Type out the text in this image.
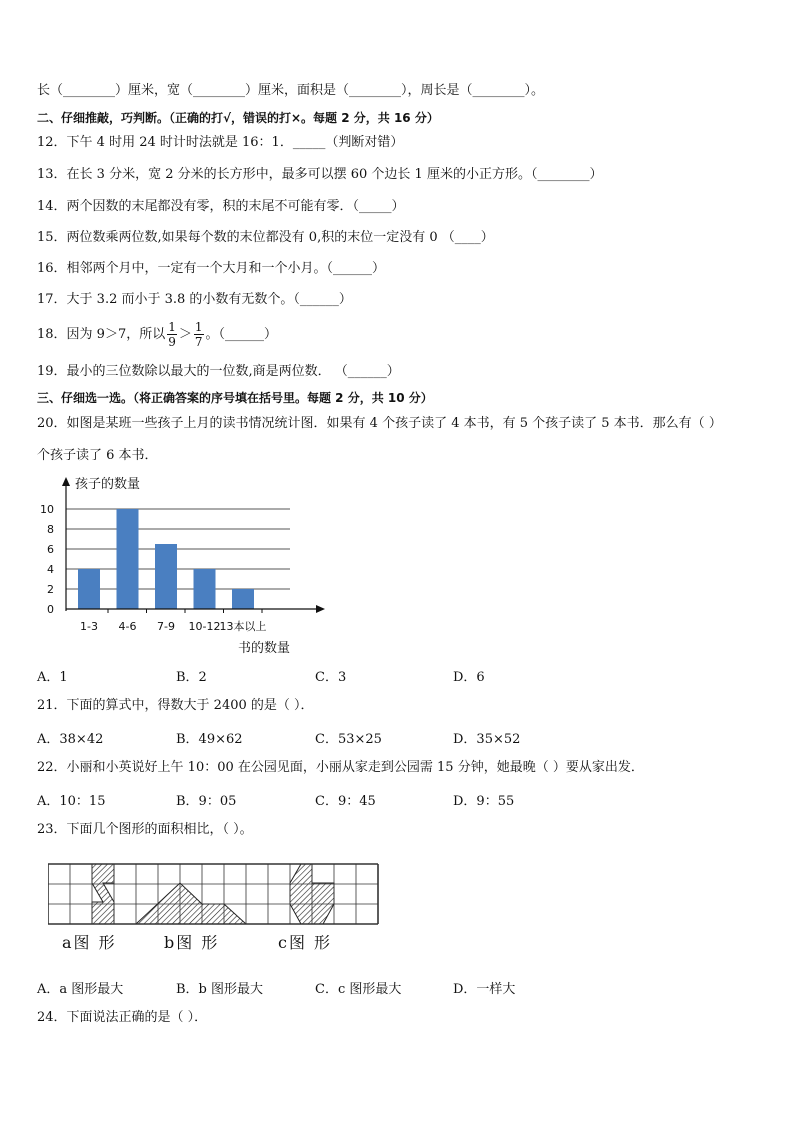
长（________）厘米，宽（________）厘米，面积是（________），周长是（________）。
二、仔细推敲，巧判断。（正确的打√，错误的打×。每题 2 分，共 16 分）
12．下午 4 时用 24 时计时法就是 16：1．_____（判断对错）
13．在长 3 分米，宽 2 分米的长方形中，最多可以摆 60 个边长 1 厘米的小正方形。（________）
14．两个因数的末尾都没有零，积的末尾不可能有零．（_____）
15．两位数乘两位数,如果每个数的末位都没有 0,积的末位一定没有 0 （____）
16．相邻两个月中，一定有一个大月和一个小月。（______）
17．大于 3.2 而小于 3.8 的小数有无数个。（______）
18．因为 9＞7，所以 $\frac{1}{9} > \frac{1}{7}$ 。（______）
19．最小的三位数除以最大的一位数,商是两位数． （______）
三、仔细选一选。（将正确答案的序号填在括号里。每题 2 分，共 10 分）
20．如图是某班一些孩子上月的读书情况统计图．如果有 4 个孩子读了 4 本书，有 5 个孩子读了 5 本书．那么有（ ）
个孩子读了 6 本书．
孩子的数量
书的数量
0
2
4
6
8
10
1-3 4-6 7-9 10-12 13本以上
A．1	B．2	C．3	D．6
21．下面的算式中，得数大于 2400 的是（ ）．
A．38×42	B．49×62	C．53×25	D．35×52
22．小丽和小英说好上午 10：00 在公园见面，小丽从家走到公园需 15 分钟，她最晚（ ）要从家出发．
A．10：15	B．9：05	C．9：45	D．9：55
23．下面几个图形的面积相比，（ ）。
a图 形	b图 形	c图 形
A．a 图形最大	B．b 图形最大	C．c 图形最大	D．一样大
24．下面说法正确的是（ ）．
